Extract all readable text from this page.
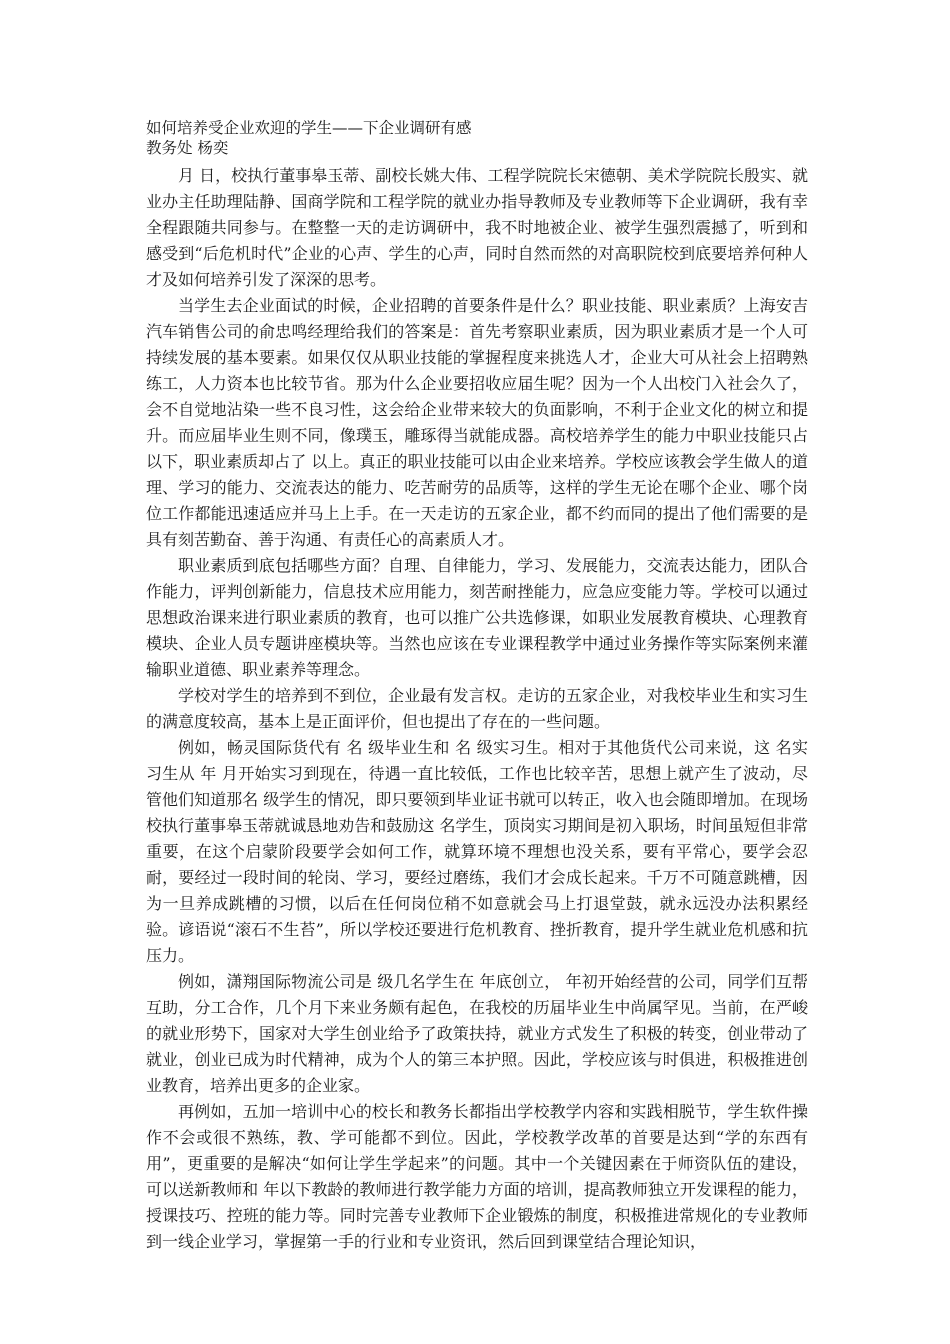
如何培养受企业欢迎的学生——下企业调研有感

教务处 杨奕

月 日，校执行董事皋玉蒂、副校长姚大伟、工程学院院长宋德朝、美术学院院长殷实、就业办主任助理陆静、国商学院和工程学院的就业办指导教师及专业教师等下企业调研，我有幸全程跟随共同参与。在整整一天的走访调研中，我不时地被企业、被学生强烈震撼了，听到和感受到“后危机时代”企业的心声、学生的心声，同时自然而然的对高职院校到底要培养何种人才及如何培养引发了深深的思考。

当学生去企业面试的时候，企业招聘的首要条件是什么？职业技能、职业素质？上海安吉汽车销售公司的俞忠鸣经理给我们的答案是：首先考察职业素质，因为职业素质才是一个人可持续发展的基本要素。如果仅仅从职业技能的掌握程度来挑选人才，企业大可从社会上招聘熟练工，人力资本也比较节省。那为什么企业要招收应届生呢？因为一个人出校门入社会久了，会不自觉地沾染一些不良习性，这会给企业带来较大的负面影响，不利于企业文化的树立和提升。而应届毕业生则不同，像璞玉，雕琢得当就能成器。高校培养学生的能力中职业技能只占 以下，职业素质却占了 以上。真正的职业技能可以由企业来培养。学校应该教会学生做人的道理、学习的能力、交流表达的能力、吃苦耐劳的品质等，这样的学生无论在哪个企业、哪个岗位工作都能迅速适应并马上上手。在一天走访的五家企业，都不约而同的提出了他们需要的是具有刻苦勤奋、善于沟通、有责任心的高素质人才。

职业素质到底包括哪些方面？自理、自律能力，学习、发展能力，交流表达能力，团队合作能力，评判创新能力，信息技术应用能力，刻苦耐挫能力，应急应变能力等。学校可以通过思想政治课来进行职业素质的教育，也可以推广公共选修课，如职业发展教育模块、心理教育模块、企业人员专题讲座模块等。当然也应该在专业课程教学中通过业务操作等实际案例来灌输职业道德、职业素养等理念。

学校对学生的培养到不到位，企业最有发言权。走访的五家企业，对我校毕业生和实习生的满意度较高，基本上是正面评价，但也提出了存在的一些问题。

例如，畅灵国际货代有 名 级毕业生和 名 级实习生。相对于其他货代公司来说，这 名实习生从 年 月开始实习到现在，待遇一直比较低，工作也比较辛苦，思想上就产生了波动，尽管他们知道那名 级学生的情况，即只要领到毕业证书就可以转正，收入也会随即增加。在现场校执行董事皋玉蒂就诚恳地劝告和鼓励这 名学生，顶岗实习期间是初入职场，时间虽短但非常重要，在这个启蒙阶段要学会如何工作，就算环境不理想也没关系，要有平常心，要学会忍耐，要经过一段时间的轮岗、学习，要经过磨练，我们才会成长起来。千万不可随意跳槽，因为一旦养成跳槽的习惯，以后在任何岗位稍不如意就会马上打退堂鼓，就永远没办法积累经验。谚语说“滚石不生苔”，所以学校还要进行危机教育、挫折教育，提升学生就业危机感和抗压力。

例如，潇翔国际物流公司是 级几名学生在 年底创立， 年初开始经营的公司，同学们互帮互助，分工合作，几个月下来业务颇有起色，在我校的历届毕业生中尚属罕见。当前，在严峻的就业形势下，国家对大学生创业给予了政策扶持，就业方式发生了积极的转变，创业带动了就业，创业已成为时代精神，成为个人的第三本护照。因此，学校应该与时俱进，积极推进创业教育，培养出更多的企业家。

再例如，五加一培训中心的校长和教务长都指出学校教学内容和实践相脱节，学生软件操作不会或很不熟练，教、学可能都不到位。因此，学校教学改革的首要是达到“学的东西有用”，更重要的是解决“如何让学生学起来”的问题。其中一个关键因素在于师资队伍的建设，可以送新教师和 年以下教龄的教师进行教学能力方面的培训，提高教师独立开发课程的能力，授课技巧、控班的能力等。同时完善专业教师下企业锻炼的制度，积极推进常规化的专业教师到一线企业学习，掌握第一手的行业和专业资讯，然后回到课堂结合理论知识，
